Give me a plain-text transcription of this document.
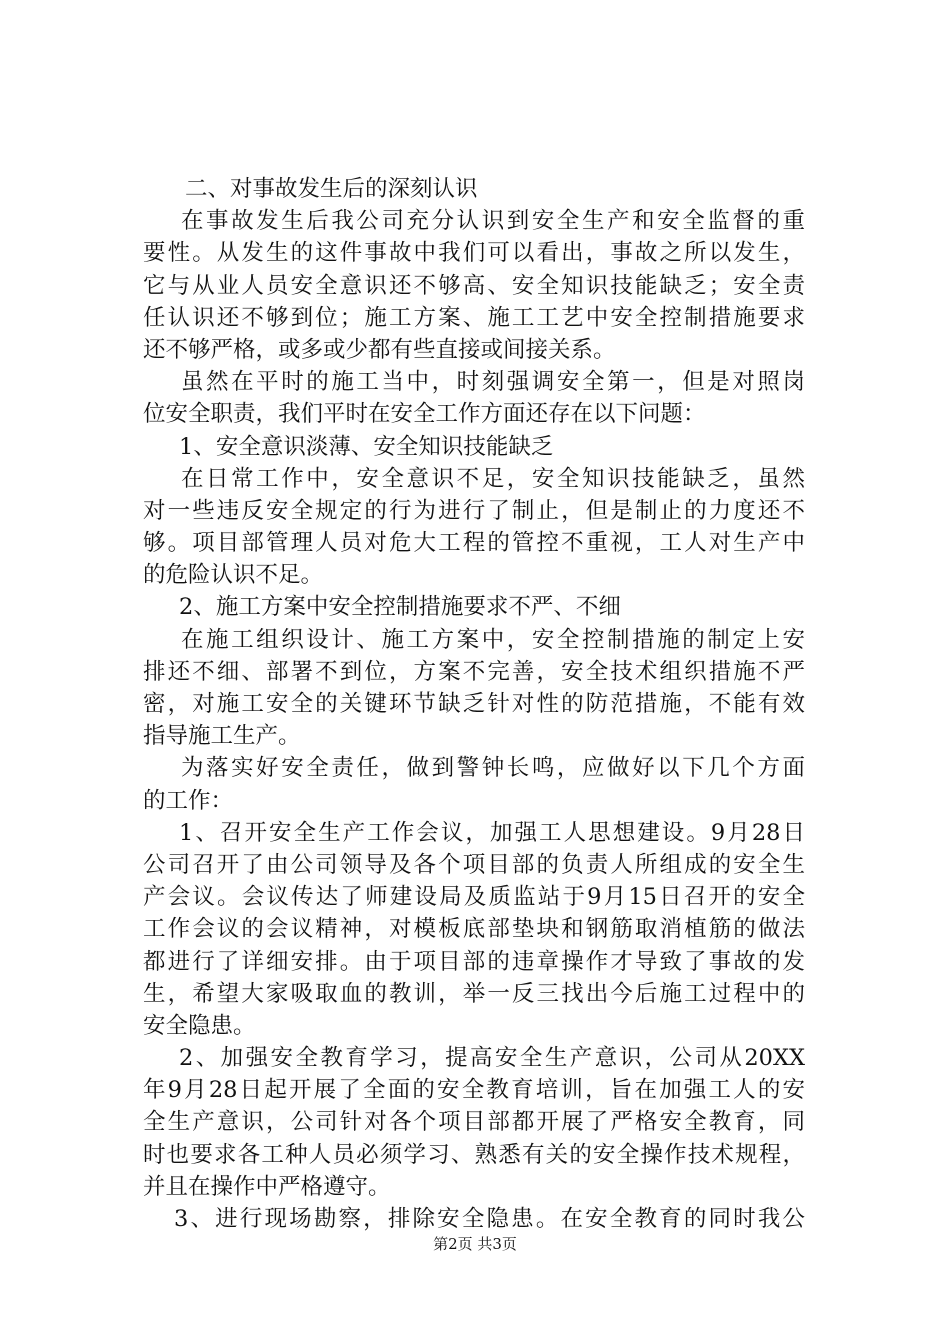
二、对事故发生后的深刻认识
在事故发生后我公司充分认识到安全生产和安全监督的重
要性。从发生的这件事故中我们可以看出，事故之所以发生，
它与从业人员安全意识还不够高、安全知识技能缺乏；安全责
任认识还不够到位；施工方案、施工工艺中安全控制措施要求
还不够严格，或多或少都有些直接或间接关系。
虽然在平时的施工当中，时刻强调安全第一，但是对照岗
位安全职责，我们平时在安全工作方面还存在以下问题：
1、安全意识淡薄、安全知识技能缺乏
在日常工作中，安全意识不足，安全知识技能缺乏，虽然
对一些违反安全规定的行为进行了制止，但是制止的力度还不
够。项目部管理人员对危大工程的管控不重视，工人对生产中
的危险认识不足。
2、施工方案中安全控制措施要求不严、不细
在施工组织设计、施工方案中，安全控制措施的制定上安
排还不细、部署不到位，方案不完善，安全技术组织措施不严
密，对施工安全的关键环节缺乏针对性的防范措施，不能有效
指导施工生产。
为落实好安全责任，做到警钟长鸣，应做好以下几个方面
的工作：
1、召开安全生产工作会议，加强工人思想建设。9月28日
公司召开了由公司领导及各个项目部的负责人所组成的安全生
产会议。会议传达了师建设局及质监站于9月15日召开的安全
工作会议的会议精神，对模板底部垫块和钢筋取消植筋的做法
都进行了详细安排。由于项目部的违章操作才导致了事故的发
生，希望大家吸取血的教训，举一反三找出今后施工过程中的
安全隐患。
2、加强安全教育学习，提高安全生产意识，公司从20XX
年9月28日起开展了全面的安全教育培训，旨在加强工人的安
全生产意识，公司针对各个项目部都开展了严格安全教育，同
时也要求各工种人员必须学习、熟悉有关的安全操作技术规程，
并且在操作中严格遵守。
3、进行现场勘察，排除安全隐患。在安全教育的同时我公
第2页 共3页
